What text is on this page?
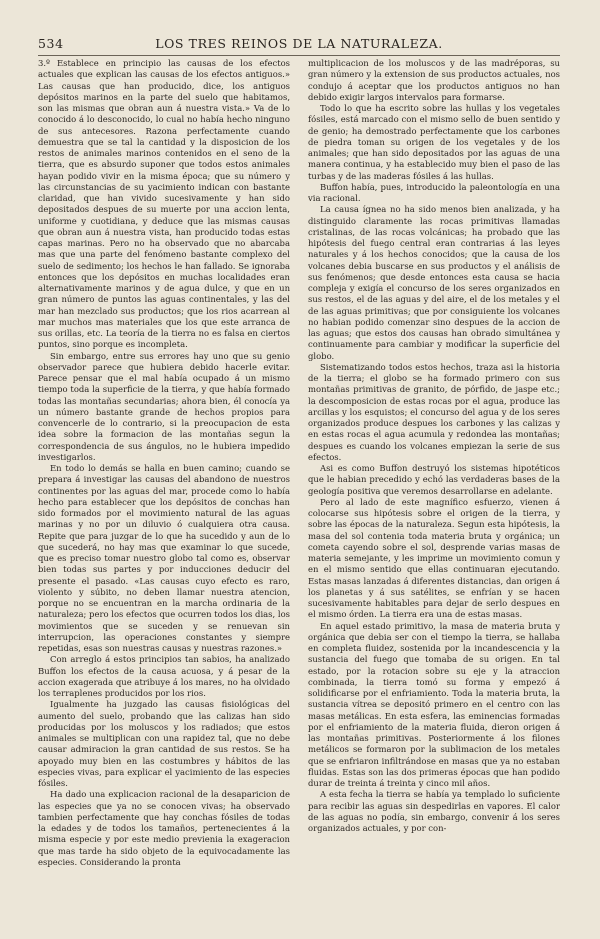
534	LOS TRES REINOS DE LA NATURALEZA.

3.º Establece en principio las causas de los efectos actuales que explican las causas de los efectos antiguos.» Las causas que han producido, dice, los antiguos depósitos marinos en la parte del suelo que habitamos, son las mismas que obran aun á nuestra vista.» Va de lo conocido á lo desconocido, lo cual no había hecho ninguno de sus antecesores. Razona perfectamente cuando demuestra que se tal la cantidad y la disposicion de los restos de animales marinos contenidos en el seno de la tierra, que es absurdo suponer que todos estos animales hayan podido vivir en la misma época; que su número y las circunstancias de su yacimiento indican con bastante claridad, que han vivido sucesivamente y han sido depositados despues de su muerte por una accion lenta, uniforme y cuotidiana, y deduce que las mismas causas que obran aun á nuestra vista, han producido todas estas capas marinas. Pero no ha observado que no abarcaba mas que una parte del fenómeno bastante complexo del suelo de sedimento; los hechos le han fallado. Se ignoraba entonces que los depósitos en muchas localidades eran alternativamente marinos y de agua dulce, y que en un gran número de puntos las aguas continentales, y las del mar han mezclado sus productos; que los rios acarrean al mar muchos mas materiales que los que este arranca de sus orillas, etc. La teoría de la tierra no es falsa en ciertos puntos, sino porque es incompleta.

Sin embargo, entre sus errores hay uno que su genio observador parece que hubiera debido hacerle evitar. Parece pensar que el mal había ocupado á un mismo tiempo toda la superficie de la tierra, y que había formado todas las montañas secundarias; ahora bien, él conocía ya un número bastante grande de hechos propios para convencerle de lo contrario, si la preocupacion de esta idea sobre la formacion de las montañas segun la correspondencia de sus ángulos, no le hubiera impedido investigarlos.

En todo lo demás se halla en buen camino; cuando se prepara á investigar las causas del abandono de nuestros continentes por las aguas del mar, procede como lo había hecho para establecer que los depósitos de conchas han sido formados por el movimiento natural de las aguas marinas y no por un diluvio ó cualquiera otra causa. Repite que para juzgar de lo que ha sucedido y aun de lo que sucederá, no hay mas que examinar lo que sucede, que es preciso tomar nuestro globo tal como es, observar bien todas sus partes y por inducciones deducir del presente el pasado. «Las causas cuyo efecto es raro, violento y súbito, no deben llamar nuestra atencion, porque no se encuentran en la marcha ordinaria de la naturaleza; pero los efectos que ocurren todos los dias, los movimientos que se suceden y se renuevan sin interrupcion, las operaciones constantes y siempre repetidas, esas son nuestras causas y nuestras razones.»

Con arreglo á estos principios tan sabios, ha analizado Buffon los efectos de la causa acuosa, y á pesar de la accion exagerada que atribuye á los mares, no ha olvidado los terraplenes producidos por los rios.

Igualmente ha juzgado las causas fisiológicas del aumento del suelo, probando que las calizas han sido producidas por los moluscos y los radiados; que estos animales se multiplican con una rapidez tal, que no debe causar admiracion la gran cantidad de sus restos. Se ha apoyado muy bien en las costumbres y hábitos de las especies vivas, para explicar el yacimiento de las especies fósiles.

Ha dado una explicacion racional de la desaparicion de las especies que ya no se conocen vivas; ha observado tambien perfectamente que hay conchas fósiles de todas la edades y de todos los tamaños, pertenecientes á la misma especie y por este medio previenia la exageracion que mas tarde ha sido objeto de la equivocadamente las especies. Considerando la pronta

multiplicacion de los moluscos y de las madréporas, su gran número y la extension de sus productos actuales, nos condujo á aceptar que los productos antiguos no han debido exigir largos intervalos para formarse.

Todo lo que ha escrito sobre las hullas y los vegetales fósiles, está marcado con el mismo sello de buen sentido y de genio; ha demostrado perfectamente que los carbones de piedra toman su origen de los vegetales y de los animales; que han sido depositados por las aguas de una manera continua, y ha establecido muy bien el paso de las turbas y de las maderas fósiles á las hullas.

Buffon había, pues, introducido la paleontología en una via racional.

La causa ígnea no ha sido menos bien analizada, y ha distinguido claramente las rocas primitivas llamadas cristalinas, de las rocas volcánicas; ha probado que las hipótesis del fuego central eran contrarias á las leyes naturales y á los hechos conocidos; que la causa de los volcanes debia buscarse en sus productos y el análisis de sus fenómenos; que desde entonces esta causa se hacia compleja y exigía el concurso de los seres organizados en sus restos, el de las aguas y del aire, el de los metales y el de las aguas primitivas; que por consiguiente los volcanes no habian podido comenzar sino despues de la accion de las aguas; que estos dos causas han obrado simultánea y continuamente para cambiar y modificar la superficie del globo.

Sistematizando todos estos hechos, traza asi la historia de la tierra; el globo se ha formado primero con sus montañas primitivas de granito, de pórfido, de jaspe etc.; la descomposicion de estas rocas por el agua, produce las arcillas y los esquistos; el concurso del agua y de los seres organizados produce despues los carbones y las calizas y en estas rocas el agua acumula y redondea las montañas; despues es cuando los volcanes empiezan la serie de sus efectos.

Asi es como Buffon destruyó los sistemas hipotéticos que le habian precedido y echó las verdaderas bases de la geología positiva que veremos desarrollarse en adelante.

Pero al lado de este magnífico esfuerzo, vienen á colocarse sus hipótesis sobre el origen de la tierra, y sobre las épocas de la naturaleza. Segun esta hipótesis, la masa del sol contenia toda materia bruta y orgánica; un cometa cayendo sobre el sol, desprende varias masas de materia semejante, y les imprime un movimiento comun y en el mismo sentido que ellas continuaran ejecutando. Estas masas lanzadas á diferentes distancias, dan origen á los planetas y á sus satélites, se enfrían y se hacen sucesivamente habitables para dejar de serlo despues en el mismo órden. La tierra era una de estas masas.

En aquel estado primitivo, la masa de materia bruta y orgánica que debia ser con el tiempo la tierra, se hallaba en completa fluidez, sostenida por la incandescencia y la sustancia del fuego que tomaba de su origen. En tal estado, por la rotacion sobre su eje y la atraccion combinada, la tierra tomó su forma y empezó á solidificarse por el enfriamiento. Toda la materia bruta, la sustancia vítrea se depositó primero en el centro con las masas metálicas. En esta esfera, las eminencias formadas por el enfriamiento de la materia fluida, dieron origen á las montañas primitivas. Posteriormente á los filones metálicos se formaron por la sublimacion de los metales que se enfriaron infiltrándose en masas que ya no estaban fluidas. Estas son las dos primeras épocas que han podido durar de treinta á treinta y cinco mil años.

A esta fecha la tierra se había ya templado lo suficiente para recibir las aguas sin despedirlas en vapores. El calor de las aguas no podía, sin embargo, convenir á los seres organizados actuales, y por con-
